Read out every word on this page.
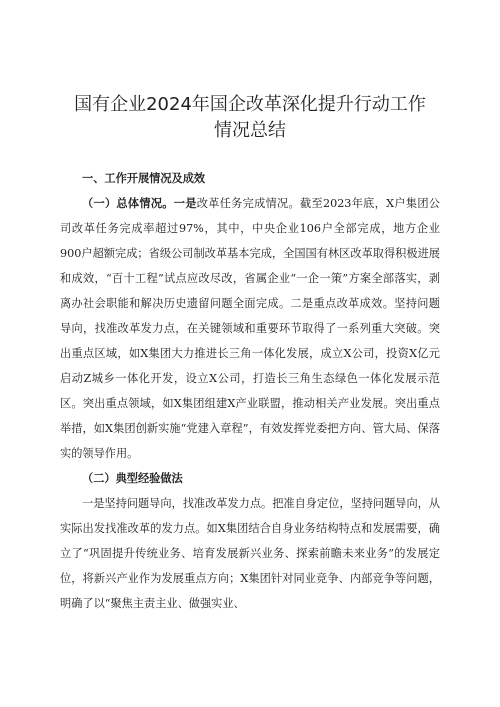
国有企业2024年国企改革深化提升行动工作
情况总结

一、工作开展情况及成效

（一）总体情况。一是改革任务完成情况。截至2023年底，X户集团公司改革任务完成率超过97%，其中，中央企业106户全部完成，地方企业900户超额完成；省级公司制改革基本完成，全国国有林区改革取得积极进展和成效，“百十工程”试点应改尽改，省属企业“一企一策”方案全部落实，剥离办社会职能和解决历史遗留问题全面完成。二是重点改革成效。坚持问题导向，找准改革发力点，在关键领域和重要环节取得了一系列重大突破。突出重点区域，如X集团大力推进长三角一体化发展，成立X公司，投资X亿元启动Z城乡一体化开发，设立X公司，打造长三角生态绿色一体化发展示范区。突出重点领域，如X集团组建X产业联盟，推动相关产业发展。突出重点举措，如X集团创新实施“党建入章程”，有效发挥党委把方向、管大局、保落实的领导作用。

（二）典型经验做法

一是坚持问题导向，找准改革发力点。把准自身定位，坚持问题导向，从实际出发找准改革的发力点。如X集团结合自身业务结构特点和发展需要，确立了“巩固提升传统业务、培育发展新兴业务、探索前瞻未来业务”的发展定位，将新兴产业作为发展重点方向；X集团针对同业竞争、内部竞争等问题，明确了以“聚焦主责主业、做强实业、
